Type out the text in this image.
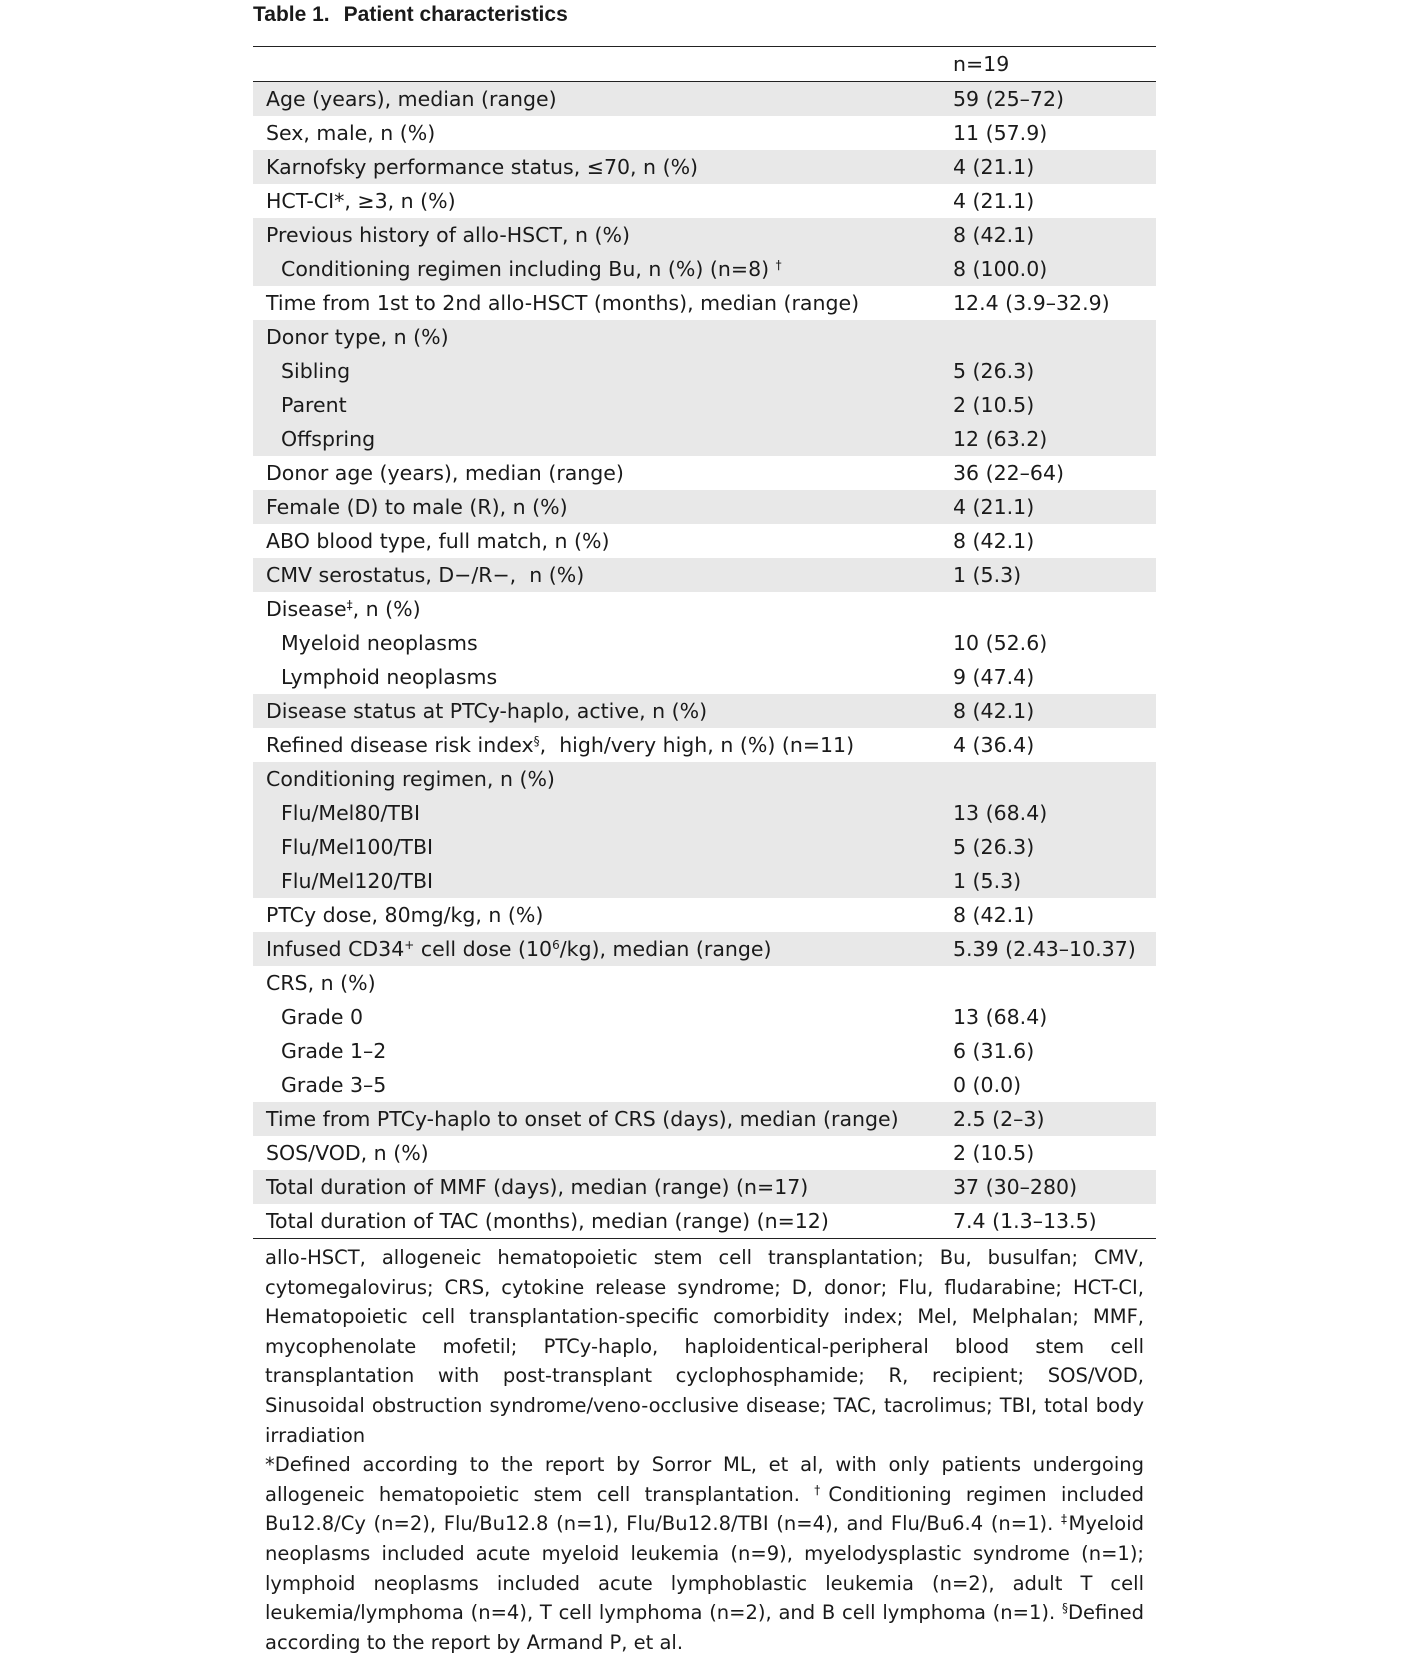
Table 1. Patient characteristics
	n=19
Age (years), median (range)	59 (25–72)
Sex, male, n (%)	11 (57.9)
Karnofsky performance status, ≤70, n (%)	4 (21.1)
HCT-CI*, ≥3, n (%)	4 (21.1)
Previous history of allo-HSCT, n (%)	8 (42.1)
Conditioning regimen including Bu, n (%) (n=8) †	8 (100.0)
Time from 1st to 2nd allo-HSCT (months), median (range)	12.4 (3.9–32.9)
Donor type, n (%)	
Sibling	5 (26.3)
Parent	2 (10.5)
Offspring	12 (63.2)
Donor age (years), median (range)	36 (22–64)
Female (D) to male (R), n (%)	4 (21.1)
ABO blood type, full match, n (%)	8 (42.1)
CMV serostatus, D−/R−,  n (%)	1 (5.3)
Disease‡, n (%)	
Myeloid neoplasms	10 (52.6)
Lymphoid neoplasms	9 (47.4)
Disease status at PTCy-haplo, active, n (%)	8 (42.1)
Refined disease risk index§,  high/very high, n (%) (n=11)	4 (36.4)
Conditioning regimen, n (%)	
Flu/Mel80/TBI	13 (68.4)
Flu/Mel100/TBI	5 (26.3)
Flu/Mel120/TBI	1 (5.3)
PTCy dose, 80mg/kg, n (%)	8 (42.1)
Infused CD34+ cell dose $(10^6/kg)$, median (range)	5.39 (2.43–10.37)
CRS, n (%)	
Grade 0	13 (68.4)
Grade 1–2	6 (31.6)
Grade 3–5	0 (0.0)
Time from PTCy-haplo to onset of CRS (days), median (range)	2.5 (2–3)
SOS/VOD, n (%)	2 (10.5)
Total duration of MMF (days), median (range) (n=17)	37 (30–280)
Total duration of TAC (months), median (range) (n=12)	7.4 (1.3–13.5)

allo-HSCT, allogeneic hematopoietic stem cell transplantation; Bu, busulfan; CMV, cytomegalovirus; CRS, cytokine release syndrome; D, donor; Flu, fludarabine; HCT-CI, Hematopoietic cell transplantation-specific comorbidity index; Mel, Melphalan; MMF, mycophenolate mofetil; PTCy-haplo, haploidentical-peripheral blood stem cell transplantation with post-transplant cyclophosphamide; R, recipient; SOS/VOD, Sinusoidal obstruction syndrome/veno-occlusive disease; TAC, tacrolimus; TBI, total body irradiation

*Defined according to the report by Sorror ML, et al, with only patients undergoing allogeneic hematopoietic stem cell transplantation. †Conditioning regimen included Bu12.8/Cy (n=2), Flu/Bu12.8 (n=1), Flu/Bu12.8/TBI (n=4), and Flu/Bu6.4 (n=1). ‡Myeloid neoplasms included acute myeloid leukemia (n=9), myelodysplastic syndrome (n=1); lymphoid neoplasms included acute lymphoblastic leukemia (n=2), adult T cell leukemia/lymphoma (n=4), T cell lymphoma (n=2), and B cell lymphoma (n=1). §Defined according to the report by Armand P, et al.
